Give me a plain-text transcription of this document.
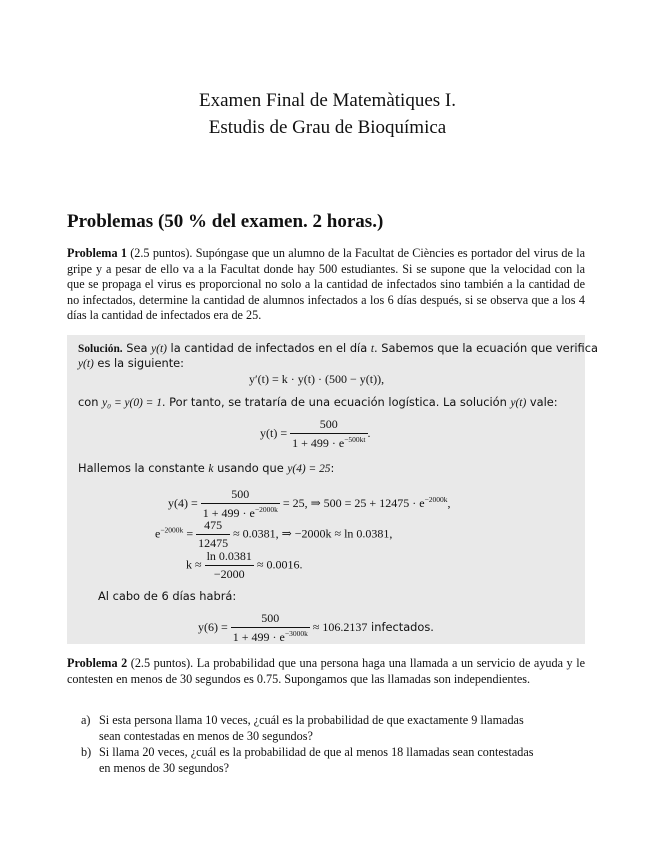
Examen Final de Matemàtiques I.
Estudis de Grau de Bioquímica
Problemas (50 % del examen. 2 horas.)
Problema 1 (2.5 puntos). Supóngase que un alumno de la Facultat de Ciències es portador del virus de la gripe y a pesar de ello va a la Facultat donde hay 500 estudiantes. Si se supone que la velocidad con la que se propaga el virus es proporcional no solo a la cantidad de infectados sino también a la cantidad de no infectados, determine la cantidad de alumnos infectados a los 6 días después, si se observa que a los 4 días la cantidad de infectados era de 25.
Solución. Sea y(t) la cantidad de infectados en el día t. Sabemos que la ecuación que verifica
y(t) es la siguiente:
y′(t) = k · y(t) · (500 − y(t)),
con y₀ = y(0) = 1. Por tanto, se trataría de una ecuación logística. La solución y(t) vale:
$y(t) = \frac{500}{1 + 499 \cdot e^{-500kt}}$ .
Hallemos la constante k usando que y(4) = 25:
$y(4) = \frac{500}{1 + 499 \cdot e^{-2000k}} = 25$, ⇒ $500 = 25 + 12475 \cdot e^{-2000k}$,
$e^{-2000k} = \frac{475}{12475} \approx 0.0381$, ⇒ −2000k ≈ ln 0.0381,
$k \approx \frac{\ln 0.0381}{-2000} \approx 0.0016$.
Al cabo de 6 días habrá:
$y(6) = \frac{500}{1 + 499 \cdot e^{-3000k}} \approx 106.2137$ infectados.
Problema 2 (2.5 puntos). La probabilidad que una persona haga una llamada a un servicio de ayuda y le contesten en menos de 30 segundos es 0.75. Supongamos que las llamadas son independientes.
a) Si esta persona llama 10 veces, ¿cuál es la probabilidad de que exactamente 9 llamadas
sean contestadas en menos de 30 segundos?
b) Si llama 20 veces, ¿cuál es la probabilidad de que al menos 18 llamadas sean contestadas
en menos de 30 segundos?
